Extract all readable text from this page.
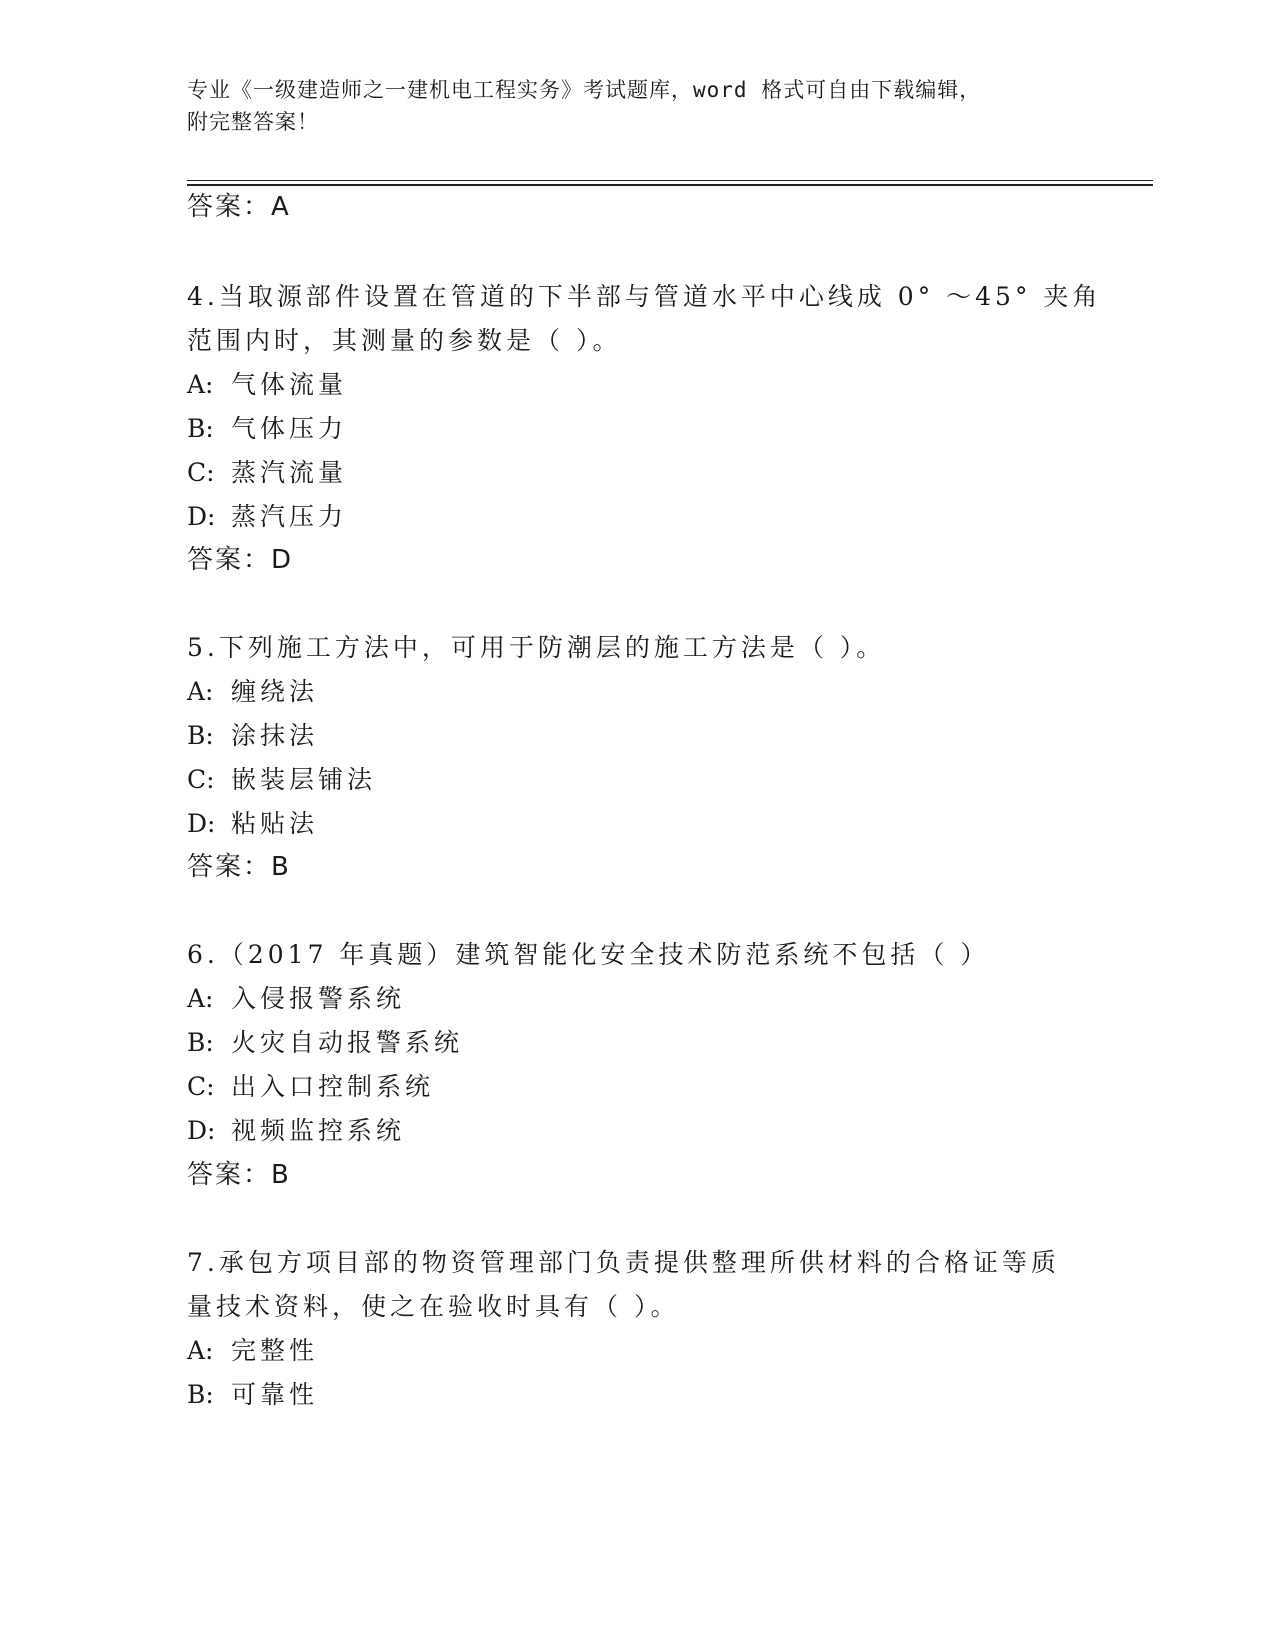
专业《一级建造师之一建机电工程实务》考试题库，word 格式可自由下载编辑，
附完整答案！
答案：A
4.当取源部件设置在管道的下半部与管道水平中心线成 0° ～45° 夹角
范围内时，其测量的参数是（ ）。
A: 气体流量
B: 气体压力
C: 蒸汽流量
D: 蒸汽压力
答案：D
5.下列施工方法中，可用于防潮层的施工方法是（ ）。
A: 缠绕法
B: 涂抹法
C: 嵌装层铺法
D: 粘贴法
答案：B
6.（2017 年真题）建筑智能化安全技术防范系统不包括（ ）
A: 入侵报警系统
B: 火灾自动报警系统
C: 出入口控制系统
D: 视频监控系统
答案：B
7.承包方项目部的物资管理部门负责提供整理所供材料的合格证等质
量技术资料，使之在验收时具有（ ）。
A: 完整性
B: 可靠性
